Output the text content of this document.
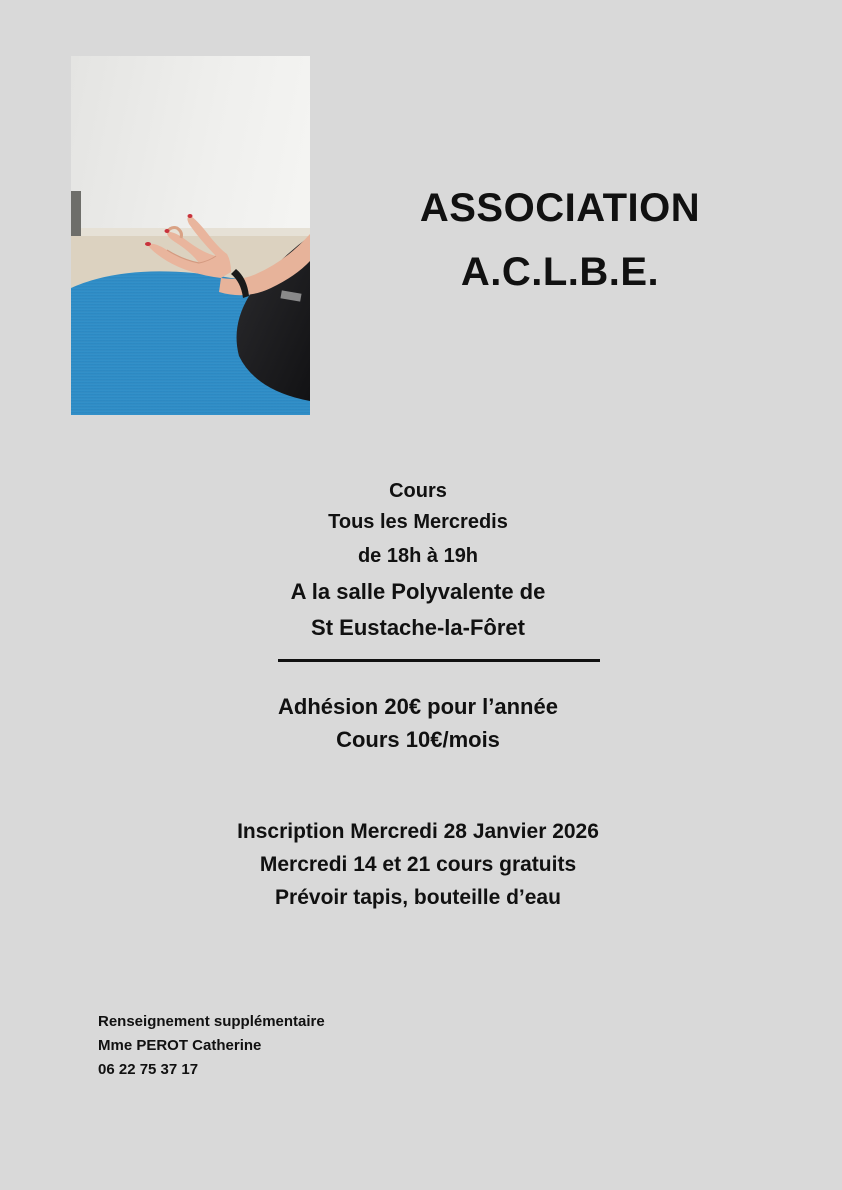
ASSOCIATION

A.C.L.B.E.

Cours

Tous les Mercredis

de 18h à 19h

A la salle Polyvalente de

St Eustache-la-Fôret

Adhésion 20€ pour l’année

Cours 10€/mois

Inscription Mercredi 28 Janvier 2026

Mercredi 14 et 21 cours gratuits

Prévoir tapis, bouteille d’eau

Renseignement supplémentaire

Mme PEROT Catherine

06 22 75 37 17
